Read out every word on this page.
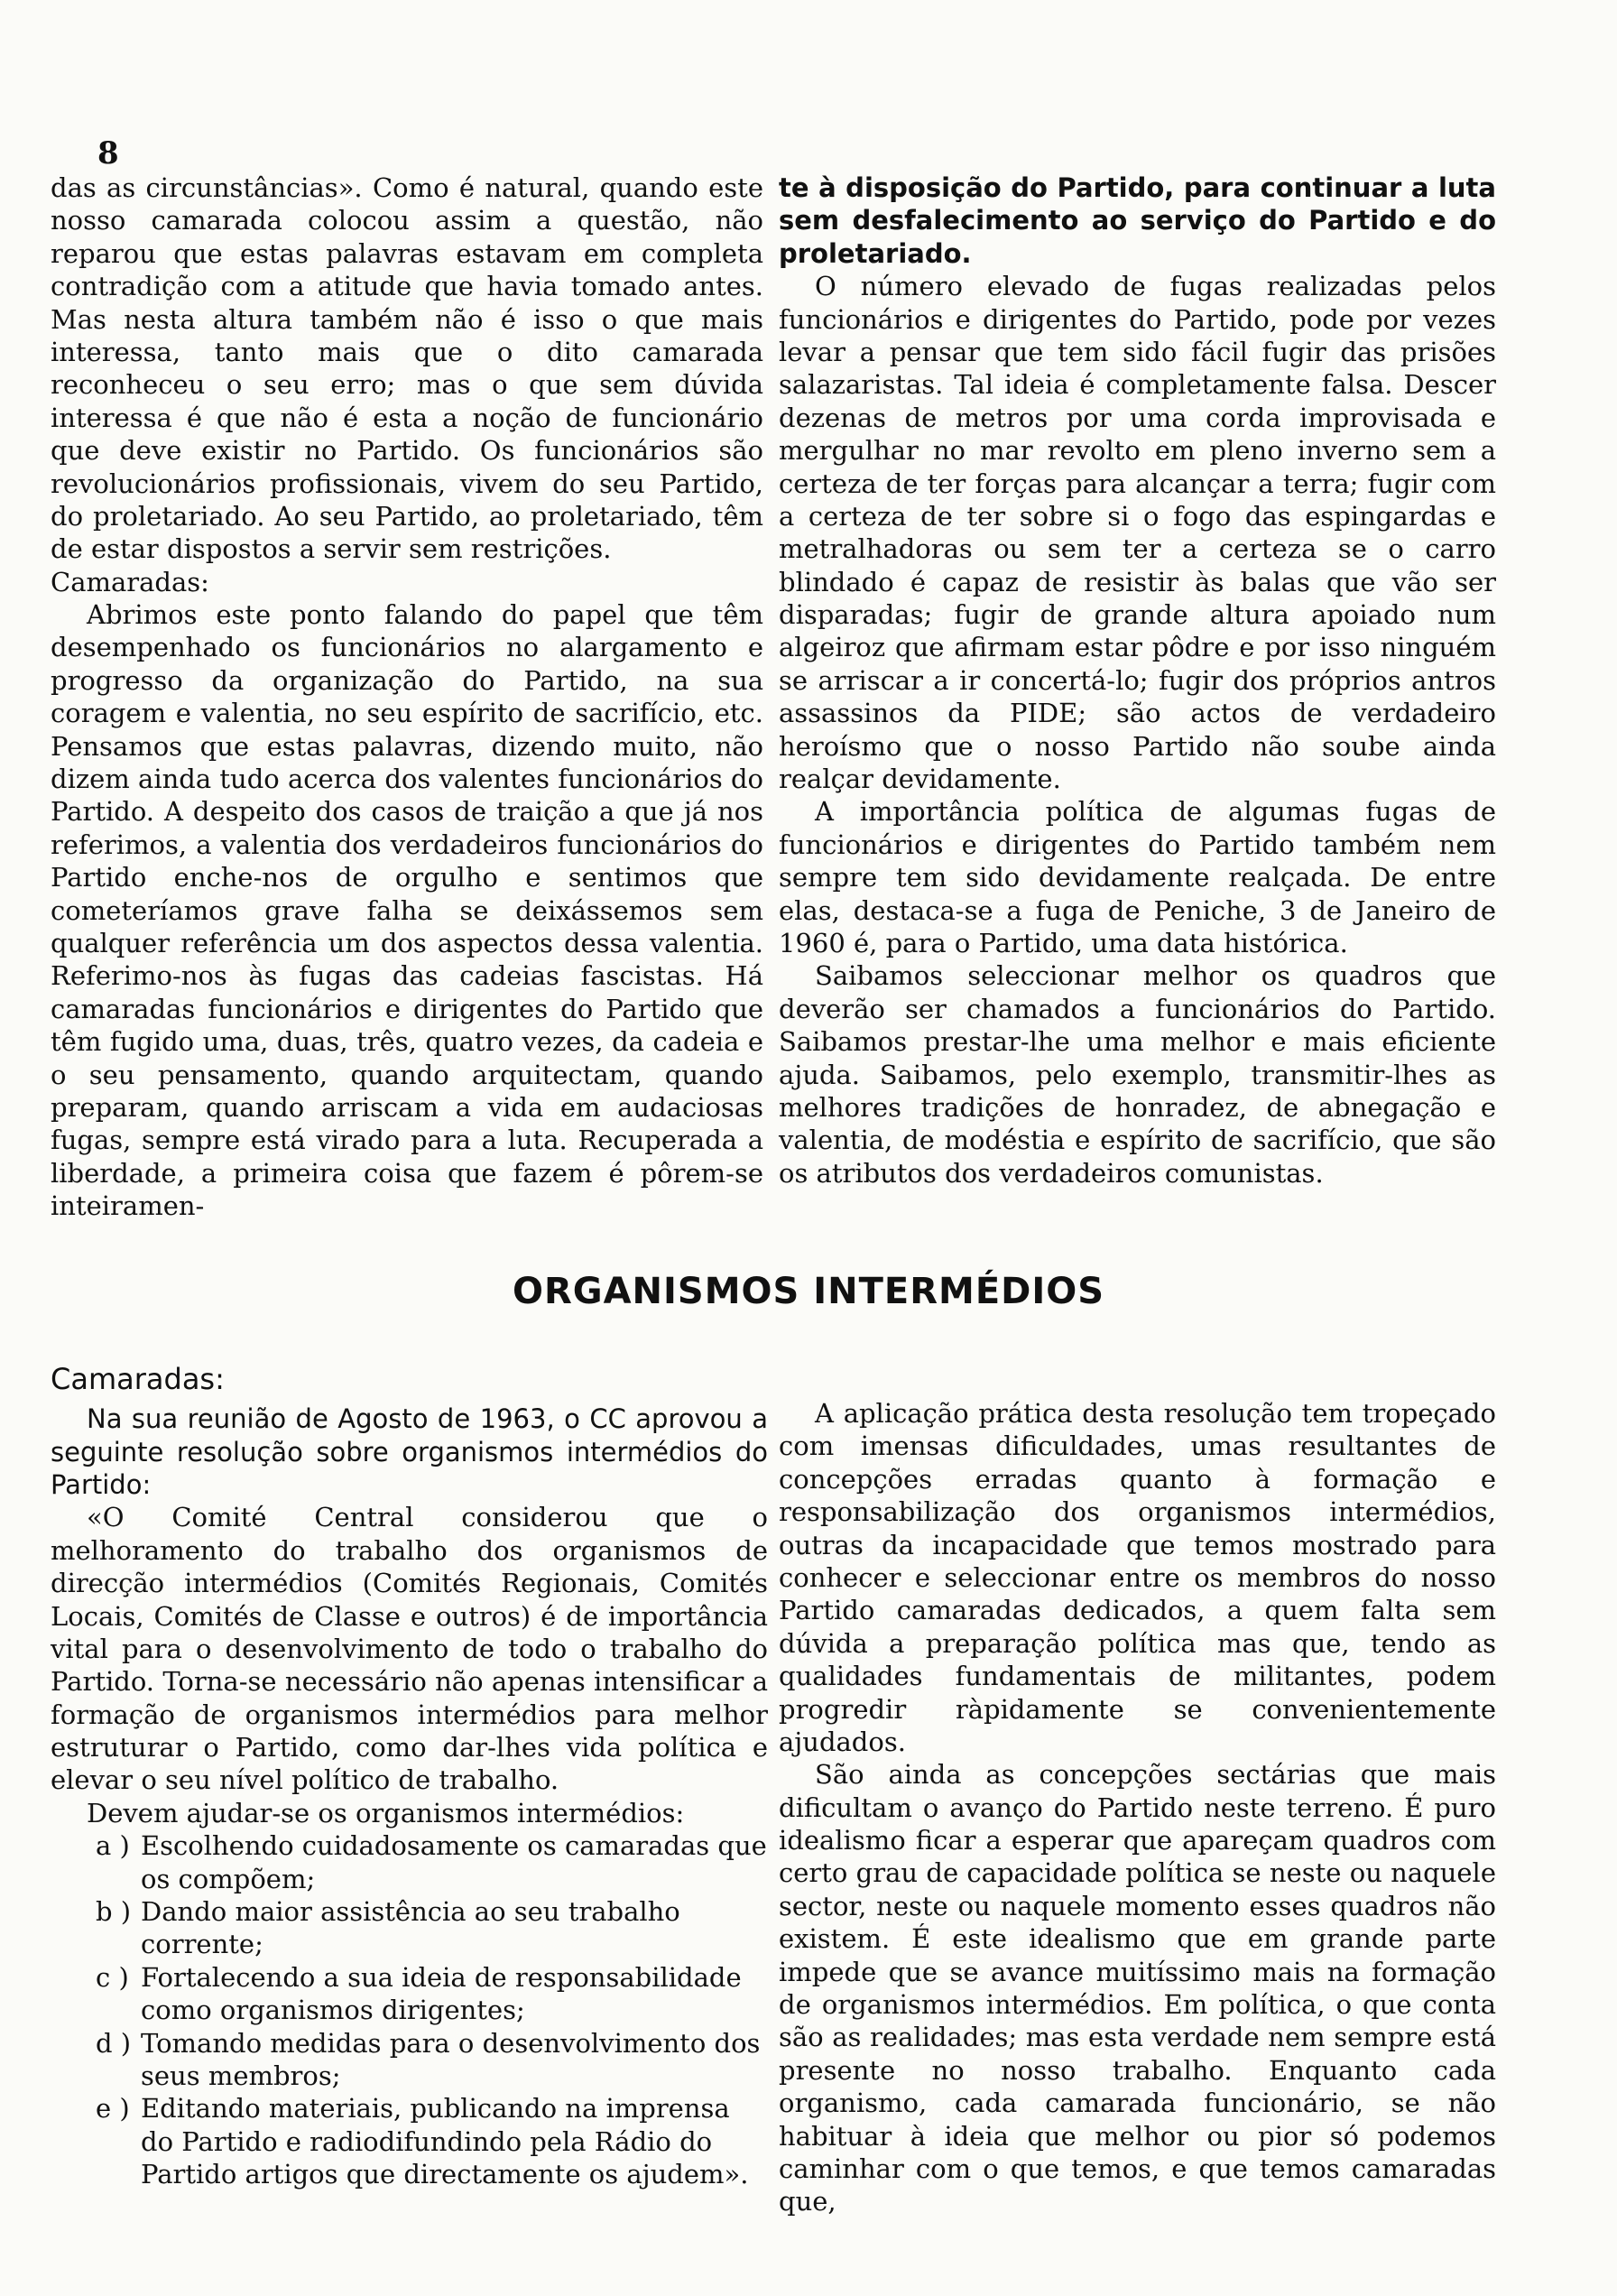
8

das as circunstâncias». Como é natural, quando este nosso camarada colocou assim a questão, não reparou que estas palavras estavam em completa contradição com a atitude que havia tomado antes. Mas nesta altura também não é isso o que mais interessa, tanto mais que o dito camarada reconheceu o seu erro; mas o que sem dúvida interessa é que não é esta a noção de funcionário que deve existir no Partido. Os funcionários são revolucionários profissionais, vivem do seu Partido, do proletariado. Ao seu Partido, ao proletariado, têm de estar dispostos a servir sem restrições.

Camaradas:

Abrimos este ponto falando do papel que têm desempenhado os funcionários no alargamento e progresso da organização do Partido, na sua coragem e valentia, no seu espírito de sacrifício, etc. Pensamos que estas palavras, dizendo muito, não dizem ainda tudo acerca dos valentes funcionários do Partido. A despeito dos casos de traição a que já nos referimos, a valentia dos verdadeiros funcionários do Partido enche-nos de orgulho e sentimos que cometeríamos grave falha se deixássemos sem qualquer referência um dos aspectos dessa valentia. Referimo-nos às fugas das cadeias fascistas. Há camaradas funcionários e dirigentes do Partido que têm fugido uma, duas, três, quatro vezes, da cadeia e o seu pensamento, quando arquitectam, quando preparam, quando arriscam a vida em audaciosas fugas, sempre está virado para a luta. Recuperada a liberdade, a primeira coisa que fazem é pôrem-se inteiramen-

te à disposição do Partido, para continuar a luta sem desfalecimento ao serviço do Partido e do proletariado.

O número elevado de fugas realizadas pelos funcionários e dirigentes do Partido, pode por vezes levar a pensar que tem sido fácil fugir das prisões salazaristas. Tal ideia é completamente falsa. Descer dezenas de metros por uma corda improvisada e mergulhar no mar revolto em pleno inverno sem a certeza de ter forças para alcançar a terra; fugir com a certeza de ter sobre si o fogo das espingardas e metralhadoras ou sem ter a certeza se o carro blindado é capaz de resistir às balas que vão ser disparadas; fugir de grande altura apoiado num algeiroz que afirmam estar pôdre e por isso ninguém se arriscar a ir concertá-lo; fugir dos próprios antros assassinos da PIDE; são actos de verdadeiro heroísmo que o nosso Partido não soube ainda realçar devidamente.

A importância política de algumas fugas de funcionários e dirigentes do Partido também nem sempre tem sido devidamente realçada. De entre elas, destaca-se a fuga de Peniche, 3 de Janeiro de 1960 é, para o Partido, uma data histórica.

Saibamos seleccionar melhor os quadros que deverão ser chamados a funcionários do Partido. Saibamos prestar-lhe uma melhor e mais eficiente ajuda. Saibamos, pelo exemplo, transmitir-lhes as melhores tradições de honradez, de abnegação e valentia, de modéstia e espírito de sacrifício, que são os atributos dos verdadeiros comunistas.

ORGANISMOS INTERMÉDIOS

Camaradas:

Na sua reunião de Agosto de 1963, o CC aprovou a seguinte resolução sobre organismos intermédios do Partido:

«O Comité Central considerou que o melhoramento do trabalho dos organismos de direcção intermédios (Comités Regionais, Comités Locais, Comités de Classe e outros) é de importância vital para o desenvolvimento de todo o trabalho do Partido. Torna-se necessário não apenas intensificar a formação de organismos intermédios para melhor estruturar o Partido, como dar-lhes vida política e elevar o seu nível político de trabalho.

Devem ajudar-se os organismos intermédios:

a ) Escolhendo cuidadosamente os camaradas que os compõem;
b ) Dando maior assistência ao seu trabalho corrente;
c ) Fortalecendo a sua ideia de responsabilidade como organismos dirigentes;
d ) Tomando medidas para o desenvolvimento dos seus membros;
e ) Editando materiais, publicando na imprensa do Partido e radiodifundindo pela Rádio do Partido artigos que directamente os ajudem».

A aplicação prática desta resolução tem tropeçado com imensas dificuldades, umas resultantes de concepções erradas quanto à formação e responsabilização dos organismos intermédios, outras da incapacidade que temos mostrado para conhecer e seleccionar entre os membros do nosso Partido camaradas dedicados, a quem falta sem dúvida a preparação política mas que, tendo as qualidades fundamentais de militantes, podem progredir ràpidamente se convenientemente ajudados.

São ainda as concepções sectárias que mais dificultam o avanço do Partido neste terreno. É puro idealismo ficar a esperar que apareçam quadros com certo grau de capacidade política se neste ou naquele sector, neste ou naquele momento esses quadros não existem. É este idealismo que em grande parte impede que se avance muitíssimo mais na formação de organismos intermédios. Em política, o que conta são as realidades; mas esta verdade nem sempre está presente no nosso trabalho. Enquanto cada organismo, cada camarada funcionário, se não habituar à ideia que melhor ou pior só podemos caminhar com o que temos, e que temos camaradas que,
